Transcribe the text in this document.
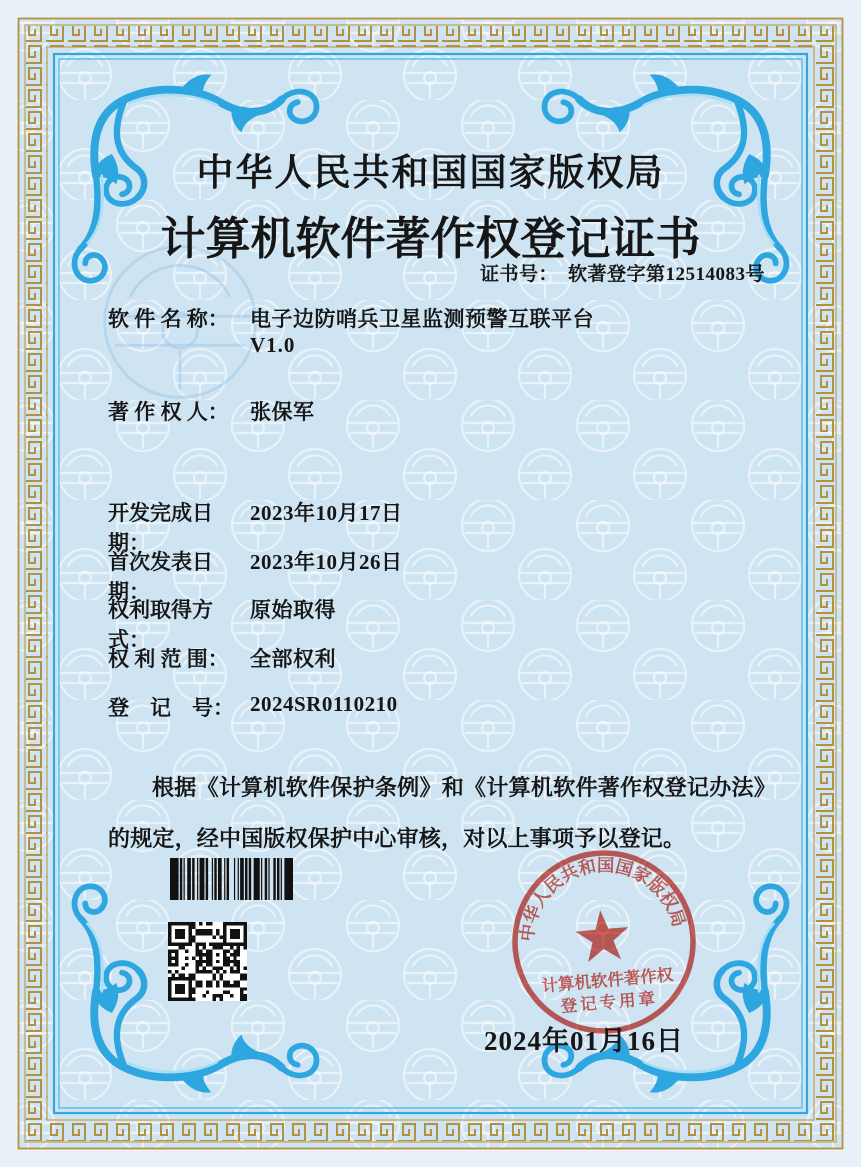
中华人民共和国国家版权局
计算机软件著作权登记证书
证书号： 软著登字第12514083号
软 件 名 称： 电子边防哨兵卫星监测预警互联平台
V1.0
著 作 权 人： 张保军
开发完成日期：2023年10月17日
首次发表日期：2023年10月26日
权利取得方式：原始取得
权 利 范 围： 全部权利
登　记　号： 2024SR0110210

根据《计算机软件保护条例》和《计算机软件著作权登记办法》的规定，经中国版权保护中心审核，对以上事项予以登记。

中华人民共和国国家版权局
计算机软件著作权
登记专用章
2024年01月16日
